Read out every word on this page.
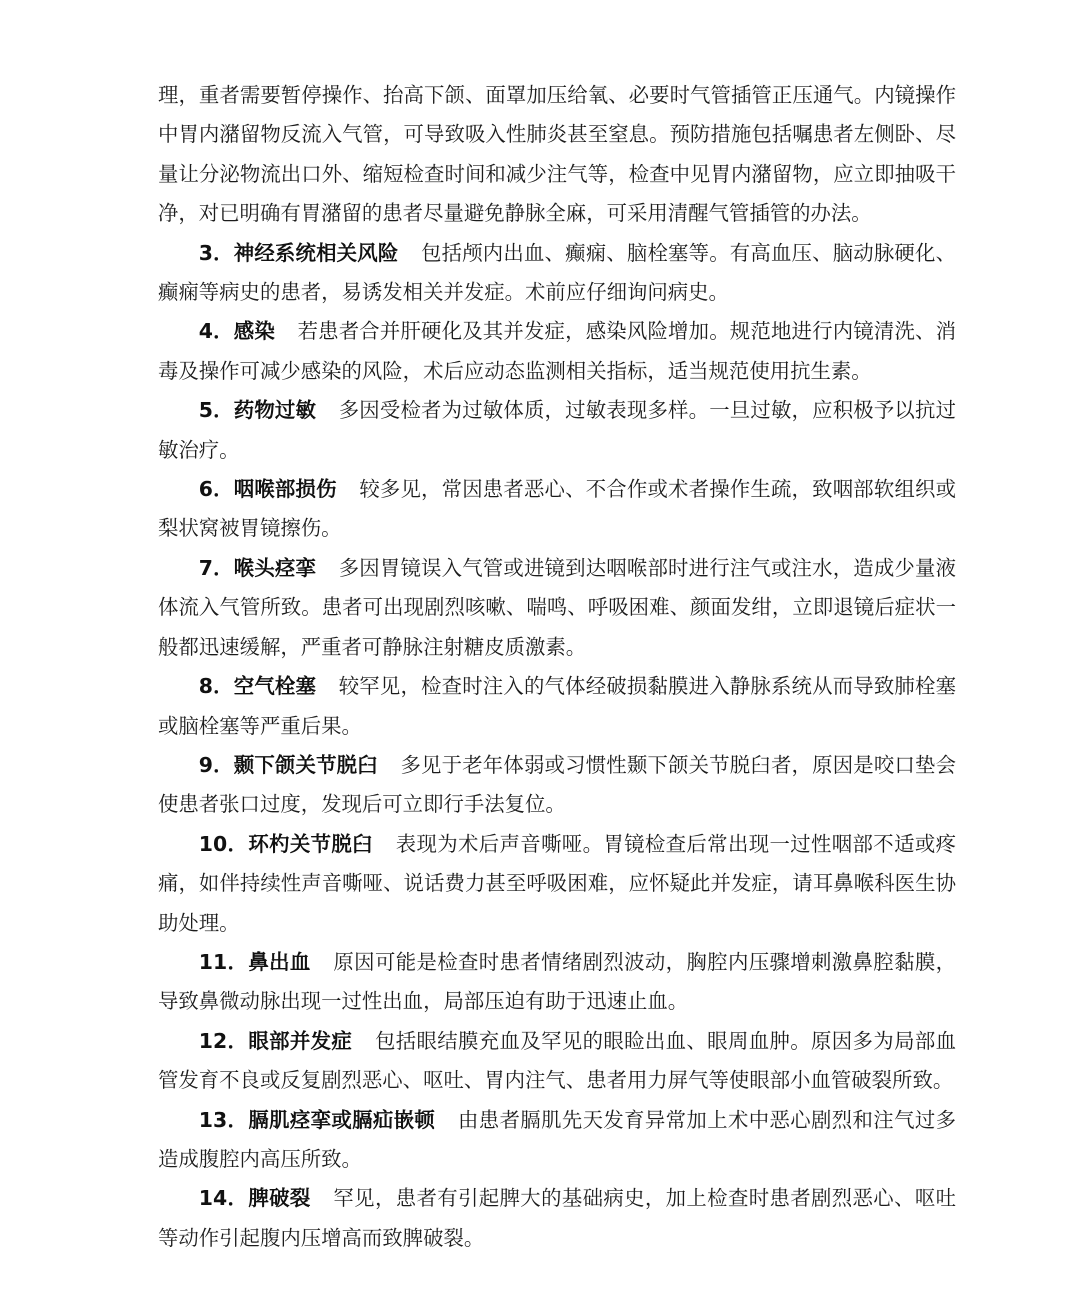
理，重者需要暂停操作、抬高下颌、面罩加压给氧、必要时气管插管正压通气。内镜操作中胃内潴留物反流入气管，可导致吸入性肺炎甚至窒息。预防措施包括嘱患者左侧卧、尽量让分泌物流出口外、缩短检查时间和减少注气等，检查中见胃内潴留物，应立即抽吸干净，对已明确有胃潴留的患者尽量避免静脉全麻，可采用清醒气管插管的办法。

3．神经系统相关风险 包括颅内出血、癫痫、脑栓塞等。有高血压、脑动脉硬化、癫痫等病史的患者，易诱发相关并发症。术前应仔细询问病史。

4．感染 若患者合并肝硬化及其并发症，感染风险增加。规范地进行内镜清洗、消毒及操作可减少感染的风险，术后应动态监测相关指标，适当规范使用抗生素。

5．药物过敏 多因受检者为过敏体质，过敏表现多样。一旦过敏，应积极予以抗过敏治疗。

6．咽喉部损伤 较多见，常因患者恶心、不合作或术者操作生疏，致咽部软组织或梨状窝被胃镜擦伤。

7．喉头痉挛 多因胃镜误入气管或进镜到达咽喉部时进行注气或注水，造成少量液体流入气管所致。患者可出现剧烈咳嗽、喘鸣、呼吸困难、颜面发绀，立即退镜后症状一般都迅速缓解，严重者可静脉注射糖皮质激素。

8．空气栓塞 较罕见，检查时注入的气体经破损黏膜进入静脉系统从而导致肺栓塞或脑栓塞等严重后果。

9．颞下颌关节脱臼 多见于老年体弱或习惯性颞下颌关节脱臼者，原因是咬口垫会使患者张口过度，发现后可立即行手法复位。

10．环杓关节脱臼 表现为术后声音嘶哑。胃镜检查后常出现一过性咽部不适或疼痛，如伴持续性声音嘶哑、说话费力甚至呼吸困难，应怀疑此并发症，请耳鼻喉科医生协助处理。

11．鼻出血 原因可能是检查时患者情绪剧烈波动，胸腔内压骤增刺激鼻腔黏膜，导致鼻微动脉出现一过性出血，局部压迫有助于迅速止血。

12．眼部并发症 包括眼结膜充血及罕见的眼睑出血、眼周血肿。原因多为局部血管发育不良或反复剧烈恶心、呕吐、胃内注气、患者用力屏气等使眼部小血管破裂所致。

13．膈肌痉挛或膈疝嵌顿 由患者膈肌先天发育异常加上术中恶心剧烈和注气过多造成腹腔内高压所致。

14．脾破裂 罕见，患者有引起脾大的基础病史，加上检查时患者剧烈恶心、呕吐等动作引起腹内压增高而致脾破裂。
